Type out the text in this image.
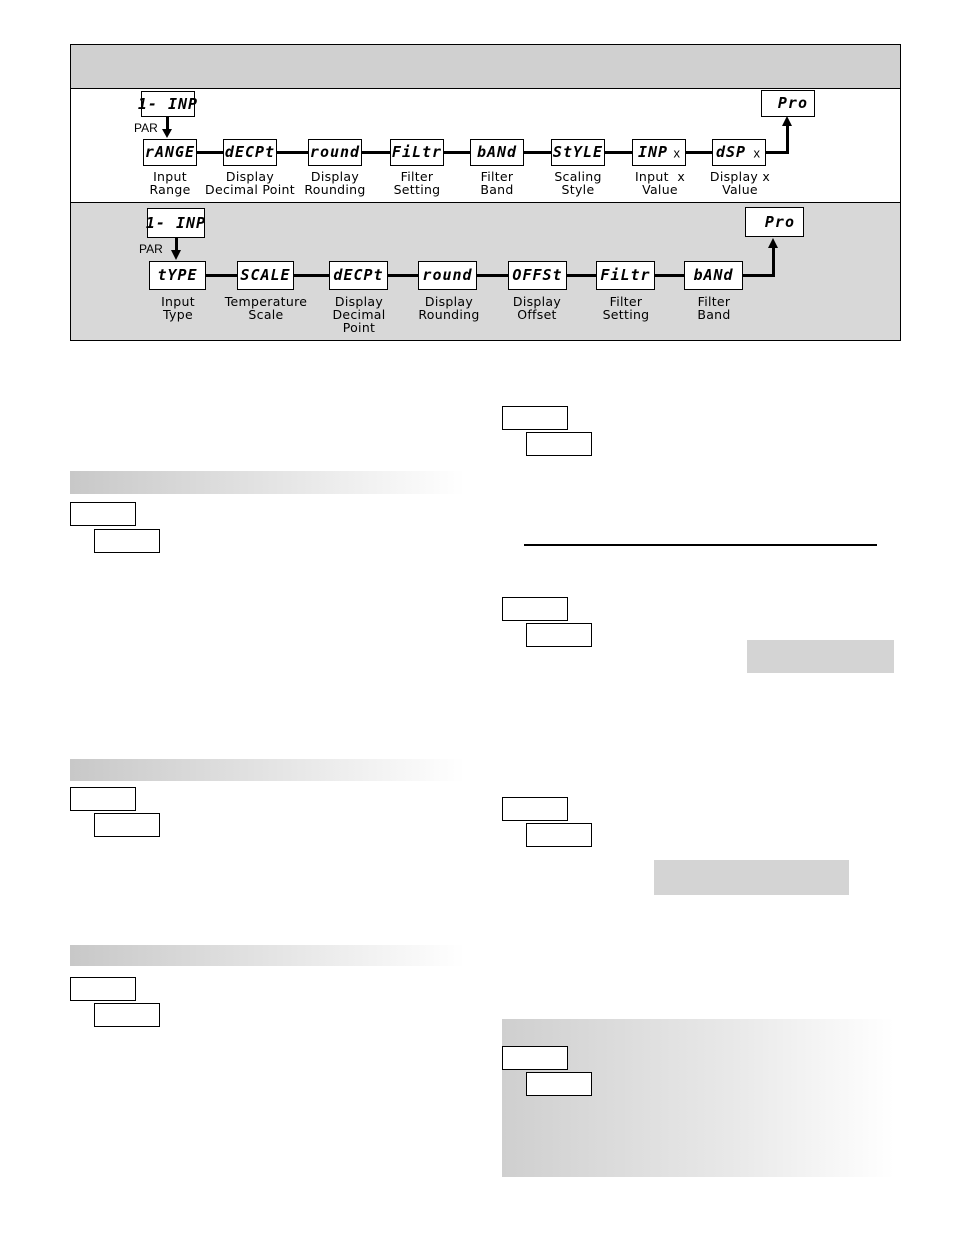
1- INP
PAR
rANGE dECPt round FiLtr	bANd	StYLE INP x dSP x
Pro
Input
Range
Display
Decimal Point
Display
Rounding
Filter
Setting
Filter
Band
Scaling
Style
Input  x
Value
Display x
Value
1- INP
PAR
tYPE	SCALE	dECPt	round	OFFSt	FiLtr	bANd
Pro
Input
Type
Temperature
Scale
Display
Decimal
Point
Display
Rounding
Display
Offset
Filter
Setting
Filter
Band
